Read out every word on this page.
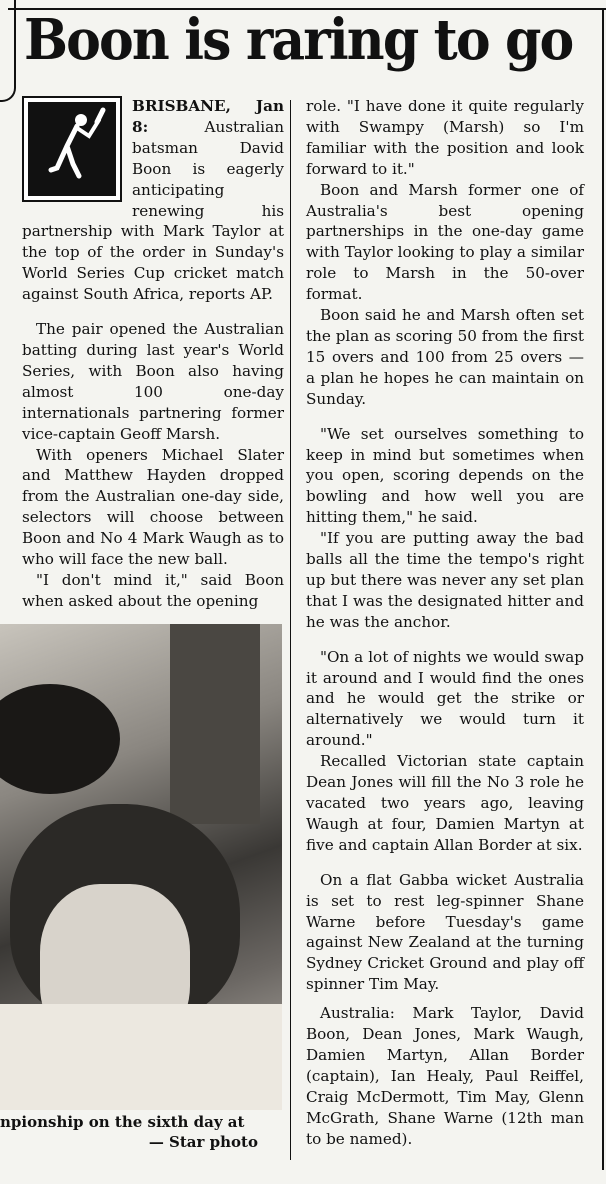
Boon is raring to go

BRISBANE, Jan 8:	Australian batsman David Boon is eagerly anticipating renewing his partnership with Mark Taylor at the top of the order in Sunday's World Series Cup cricket match against South Africa, reports AP.

The pair opened the Australian batting during last year's World Series, with Boon also having almost 100 one-day internationals partnering former vice-captain Geoff Marsh.

With openers Michael Slater and Matthew Hayden dropped from the Australian one-day side, selectors will choose between Boon and No 4 Mark Waugh as to who will face the new ball.

"I don't mind it," said Boon when asked about the opening

role. "I have done it quite regularly with Swampy (Marsh) so I'm familiar with the position and look forward to it."

Boon and Marsh former one of Australia's best opening partnerships in the one-day game with Taylor looking to play a similar role to Marsh in the 50-over format.

Boon said he and Marsh often set the plan as scoring 50 from the first 15 overs and 100 from 25 overs — a plan he hopes he can maintain on Sunday.

"We set ourselves something to keep in mind but sometimes when you open, scoring depends on the bowling and how well you are hitting them," he said.

"If you are putting away the bad balls all the time the tempo's right up but there was never any set plan that I was the designated hitter and he was the anchor.

"On a lot of nights we would swap it around and I would find the ones and he would get the strike or alternatively we would turn it around."

Recalled Victorian state captain Dean Jones will fill the No 3 role he vacated two years ago, leaving Waugh at four, Damien Martyn at five and captain Allan Border at six.

On a flat Gabba wicket Australia is set to rest leg-spinner Shane Warne before Tuesday's game against New Zealand at the turning Sydney Cricket Ground and play off spinner Tim May.

Australia: Mark Taylor, David Boon, Dean Jones, Mark Waugh, Damien Martyn, Allan Border (captain), Ian Healy, Paul Reiffel, Craig McDermott, Tim May, Glenn McGrath, Shane Warne (12th man to be named).

npionship on the sixth day at
— Star photo
